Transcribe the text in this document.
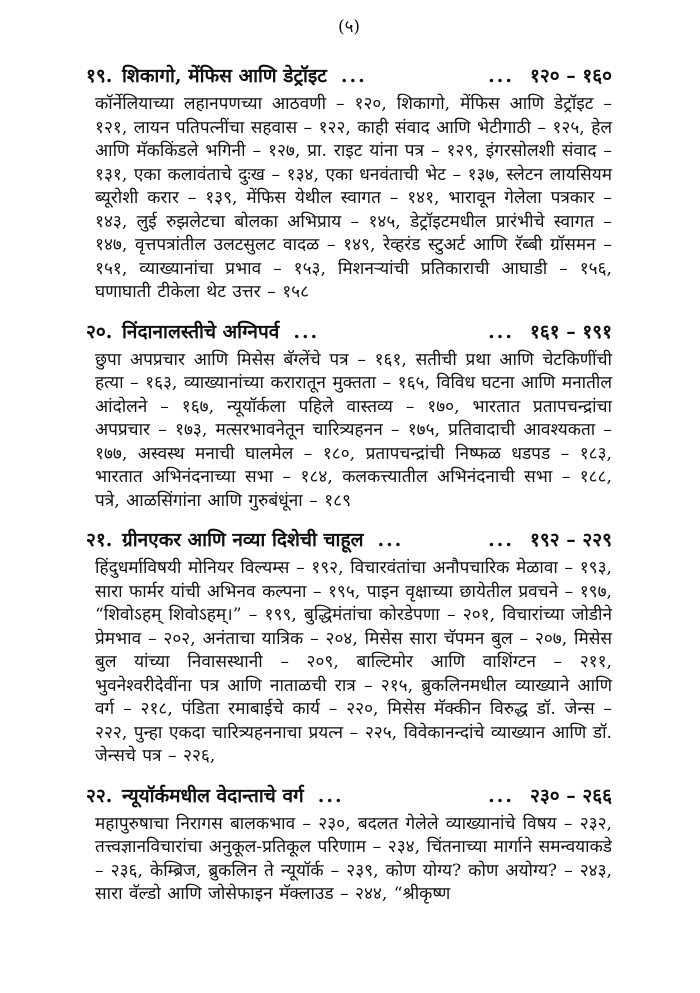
(५)
१९. शिकागो, मेंफिस आणि डेट्रॉइट ...	... १२० – १६०

कॉर्नेलियाच्या लहानपणच्या आठवणी – १२०, शिकागो, मेंफिस आणि डेट्रॉइट – १२१, लायन पतिपत्नींचा सहवास – १२२, काही संवाद आणि भेटीगाठी – १२५, हेल आणि मॅककिंडले भगिनी – १२७, प्रा. राइट यांना पत्र – १२९, इंगरसोलशी संवाद – १३१, एका कलावंताचे दुःख – १३४, एका धनवंताची भेट – १३७, स्लेटन लायसियम ब्यूरोशी करार – १३९, मेंफिस येथील स्वागत – १४१, भारावून गेलेला पत्रकार – १४३, लुई रुझलेटचा बोलका अभिप्राय – १४५, डेट्रॉइटमधील प्रारंभीचे स्वागत – १४७, वृत्तपत्रांतील उलटसुलट वादळ – १४९, रेव्हरंड स्टुअर्ट आणि रॅब्बी ग्रॉसमन – १५१, व्याख्यानांचा प्रभाव – १५३, मिशनऱ्यांची प्रतिकाराची आघाडी – १५६, घणाघाती टीकेला थेट उत्तर – १५८

२०. निंदानालस्तीचे अग्निपर्व ...	... १६१ – १९१

छुपा अपप्रचार आणि मिसेस बॅग्लेंचे पत्र – १६१, सतीची प्रथा आणि चेटकिणींची हत्या – १६३, व्याख्यानांच्या करारातून मुक्तता – १६५, विविध घटना आणि मनातील आंदोलने – १६७, न्यूयॉर्कला पहिले वास्तव्य – १७०, भारतात प्रतापचन्द्रांचा अपप्रचार – १७३, मत्सरभावनेतून चारित्र्यहनन – १७५, प्रतिवादाची आवश्यकता – १७७, अस्वस्थ मनाची घालमेल – १८०, प्रतापचन्द्रांची निष्फळ धडपड – १८३, भारतात अभिनंदनाच्या सभा – १८४, कलकत्त्यातील अभिनंदनाची सभा – १८८, पत्रे, आळसिंगांना आणि गुरुबंधूंना – १८९

२१. ग्रीनएकर आणि नव्या दिशेची चाहूल ...	... १९२ – २२९

हिंदुधर्माविषयी मोनियर विल्यम्स – १९२, विचारवंतांचा अनौपचारिक मेळावा – १९३, सारा फार्मर यांची अभिनव कल्पना – १९५, पाइन वृक्षाच्या छायेतील प्रवचने – १९७, “शिवोऽहम् शिवोऽहम्।” – १९९, बुद्धिमंतांचा कोरडेपणा – २०१, विचारांच्या जोडीने प्रेमभाव – २०२, अनंताचा यात्रिक – २०४, मिसेस सारा चॅपमन बुल – २०७, मिसेस बुल यांच्या निवासस्थानी – २०९, बाल्टिमोर आणि वाशिंग्टन – २११, भुवनेश्वरीदेवींना पत्र आणि नाताळची रात्र – २१५, ब्रुकलिनमधील व्याख्याने आणि वर्ग – २१८, पंडिता रमाबाईचे कार्य – २२०, मिसेस मॅक्कीन विरुद्ध डॉ. जेन्स – २२२, पुन्हा एकदा चारित्र्यहननाचा प्रयत्न – २२५, विवेकानन्दांचे व्याख्यान आणि डॉ. जेन्सचे पत्र – २२६,

२२. न्यूयॉर्कमधील वेदान्ताचे वर्ग ...	... २३० – २६६

महापुरुषाचा निरागस बालकभाव – २३०, बदलत गेलेले व्याख्यानांचे विषय – २३२, तत्त्वज्ञानविचारांचा अनुकूल-प्रतिकूल परिणाम – २३४, चिंतनाच्या मार्गाने समन्वयाकडे – २३६, केम्ब्रिज, ब्रुकलिन ते न्यूयॉर्क – २३९, कोण योग्य? कोण अयोग्य? – २४३, सारा वॅल्डो आणि जोसेफाइन मॅक्लाउड – २४४, “श्रीकृष्ण
